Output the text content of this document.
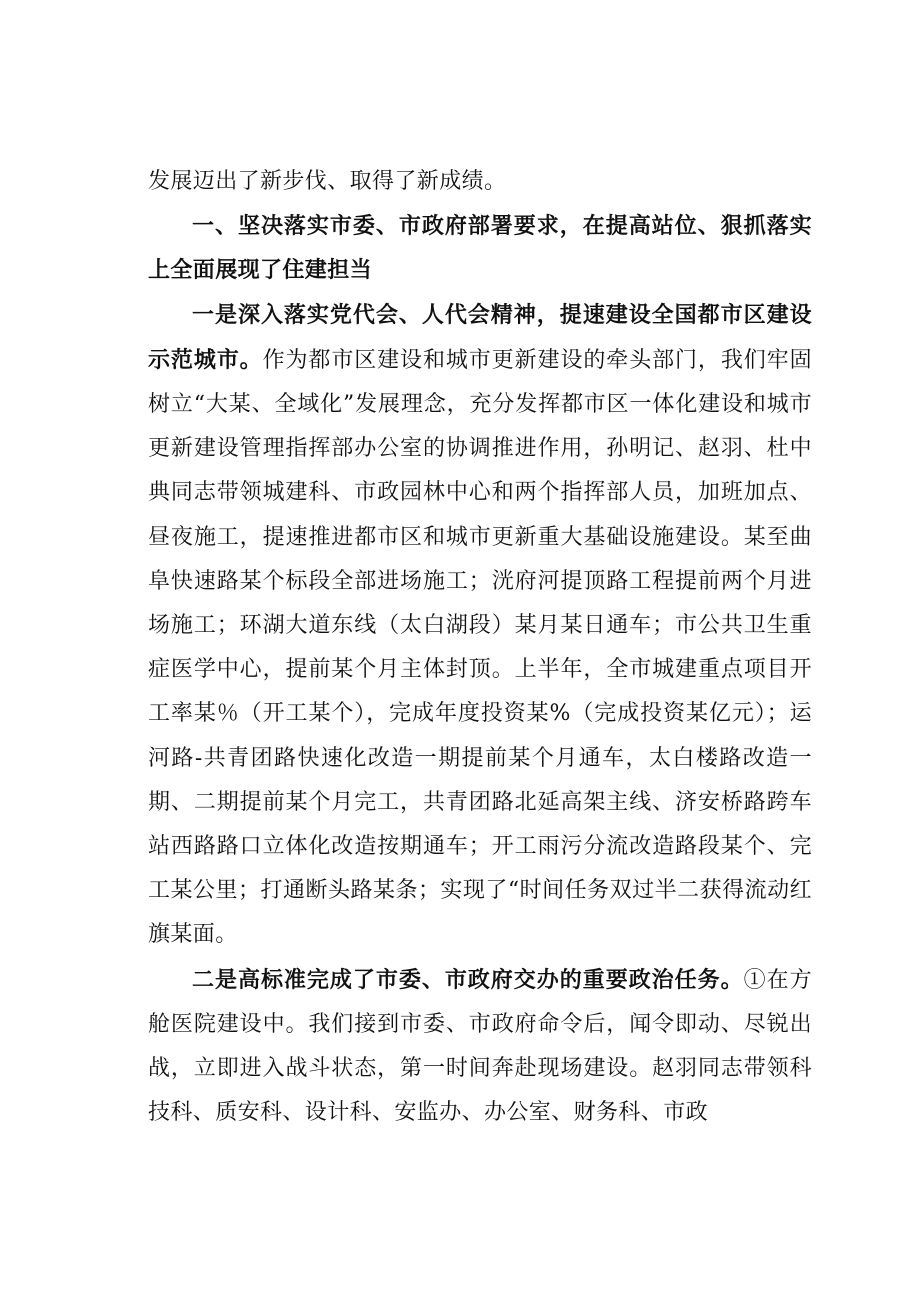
发展迈出了新步伐、取得了新成绩。

一、坚决落实市委、市政府部署要求，在提高站位、狠抓落实上全面展现了住建担当

一是深入落实党代会、人代会精神，提速建设全国都市区建设示范城市。作为都市区建设和城市更新建设的牵头部门，我们牢固树立“大某、全域化”发展理念，充分发挥都市区一体化建设和城市更新建设管理指挥部办公室的协调推进作用，孙明记、赵羽、杜中典同志带领城建科、市政园林中心和两个指挥部人员，加班加点、昼夜施工，提速推进都市区和城市更新重大基础设施建设。某至曲阜快速路某个标段全部进场施工；洸府河提顶路工程提前两个月进场施工；环湖大道东线（太白湖段）某月某日通车；市公共卫生重症医学中心，提前某个月主体封顶。上半年，全市城建重点项目开工率某％（开工某个），完成年度投资某%（完成投资某亿元）；运河路-共青团路快速化改造一期提前某个月通车，太白楼路改造一期、二期提前某个月完工，共青团路北延高架主线、济安桥路跨车站西路路口立体化改造按期通车；开工雨污分流改造路段某个、完工某公里；打通断头路某条；实现了“时间任务双过半二获得流动红旗某面。

二是高标准完成了市委、市政府交办的重要政治任务。①在方舱医院建设中。我们接到市委、市政府命令后，闻令即动、尽锐出战，立即进入战斗状态，第一时间奔赴现场建设。赵羽同志带领科技科、质安科、设计科、安监办、办公室、财务科、市政
